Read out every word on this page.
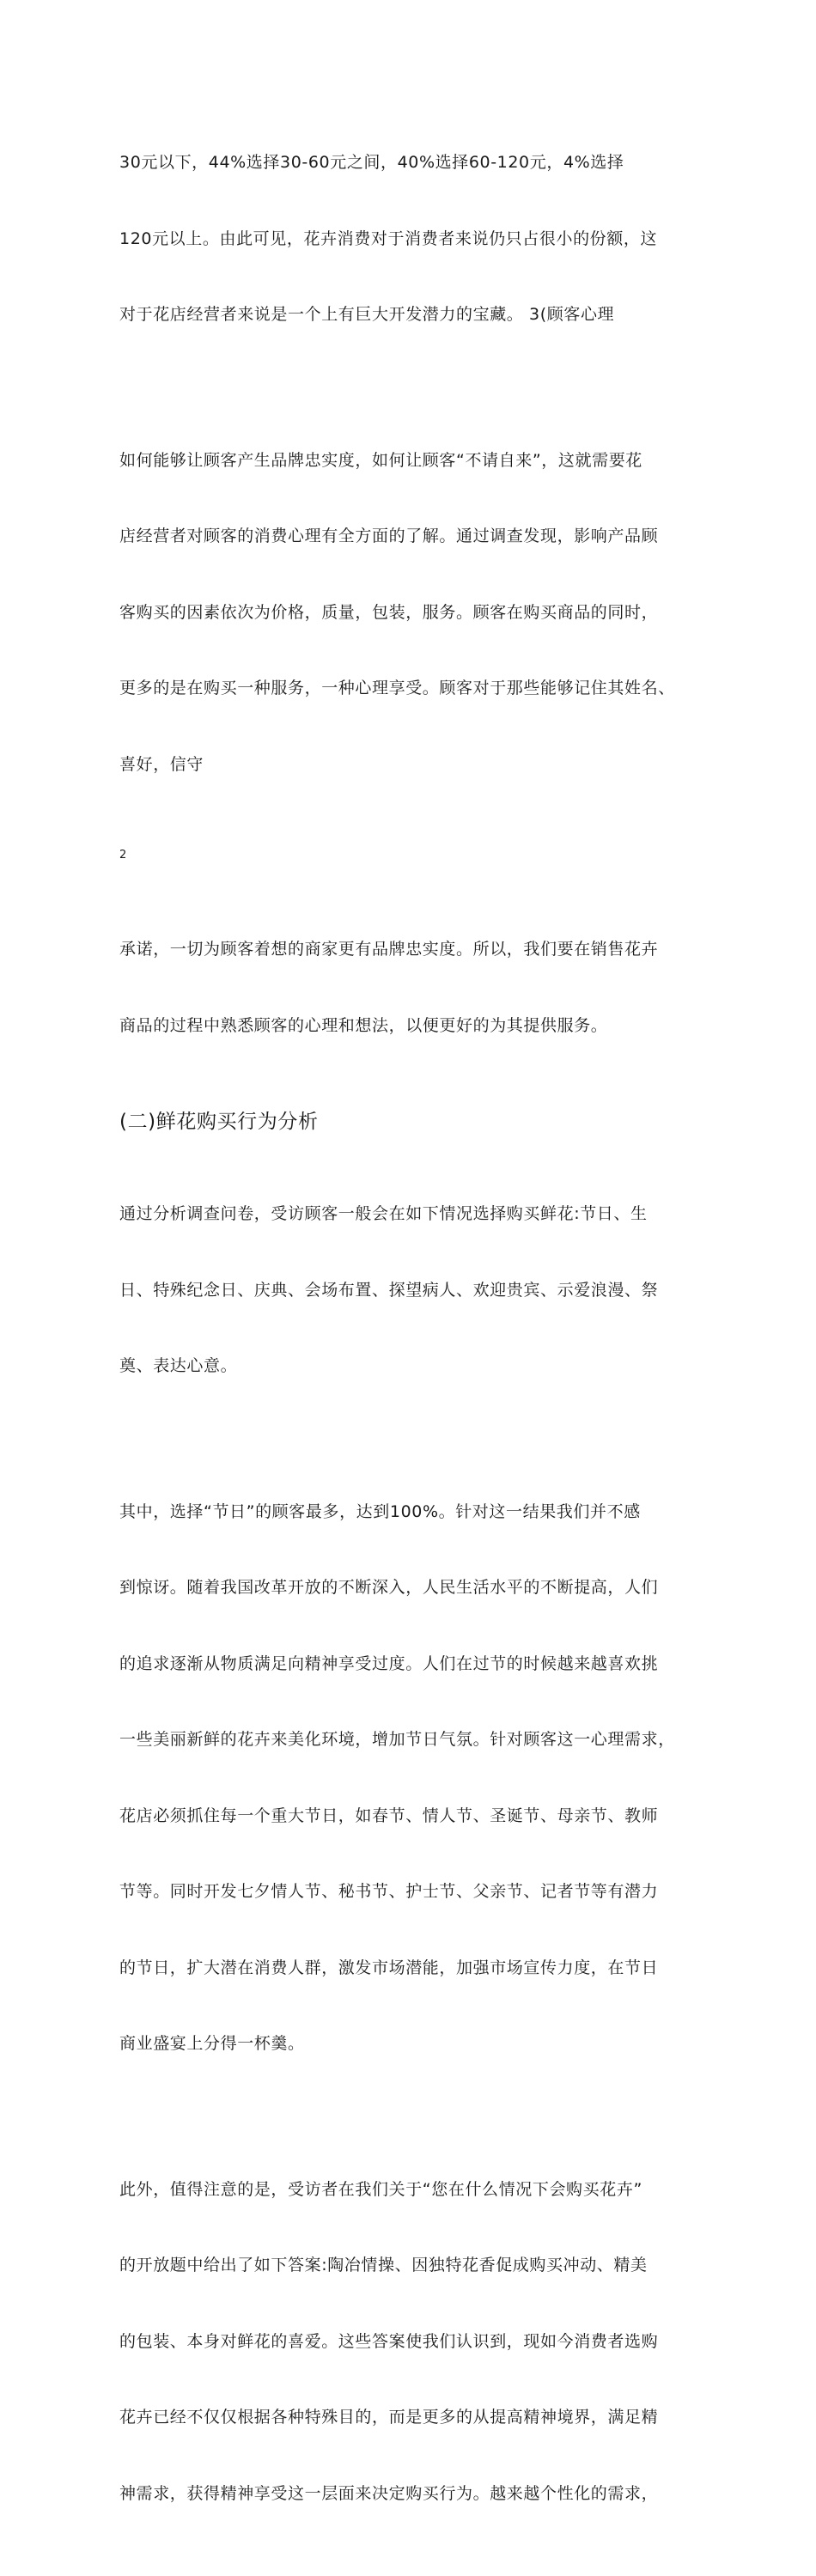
30元以下，44%选择30-60元之间，40%选择60-120元，4%选择

120元以上。由此可见，花卉消费对于消费者来说仍只占很小的份额，这

对于花店经营者来说是一个上有巨大开发潜力的宝藏。 3(顾客心理

如何能够让顾客产生品牌忠实度，如何让顾客“不请自来”，这就需要花

店经营者对顾客的消费心理有全方面的了解。通过调查发现，影响产品顾

客购买的因素依次为价格，质量，包装，服务。顾客在购买商品的同时，

更多的是在购买一种服务，一种心理享受。顾客对于那些能够记住其姓名、

喜好，信守

2

承诺，一切为顾客着想的商家更有品牌忠实度。所以，我们要在销售花卉

商品的过程中熟悉顾客的心理和想法，以便更好的为其提供服务。

(二)鲜花购买行为分析

通过分析调查问卷，受访顾客一般会在如下情况选择购买鲜花:节日、生

日、特殊纪念日、庆典、会场布置、探望病人、欢迎贵宾、示爱浪漫、祭

奠、表达心意。

其中，选择“节日”的顾客最多，达到100%。针对这一结果我们并不感

到惊讶。随着我国改革开放的不断深入，人民生活水平的不断提高，人们

的追求逐渐从物质满足向精神享受过度。人们在过节的时候越来越喜欢挑

一些美丽新鲜的花卉来美化环境，增加节日气氛。针对顾客这一心理需求，

花店必须抓住每一个重大节日，如春节、情人节、圣诞节、母亲节、教师

节等。同时开发七夕情人节、秘书节、护士节、父亲节、记者节等有潜力

的节日，扩大潜在消费人群，激发市场潜能，加强市场宣传力度，在节日

商业盛宴上分得一杯羹。

此外，值得注意的是，受访者在我们关于“您在什么情况下会购买花卉”

的开放题中给出了如下答案:陶冶情操、因独特花香促成购买冲动、精美

的包装、本身对鲜花的喜爱。这些答案使我们认识到，现如今消费者选购

花卉已经不仅仅根据各种特殊目的，而是更多的从提高精神境界，满足精

神需求，获得精神享受这一层面来决定购买行为。越来越个性化的需求，
